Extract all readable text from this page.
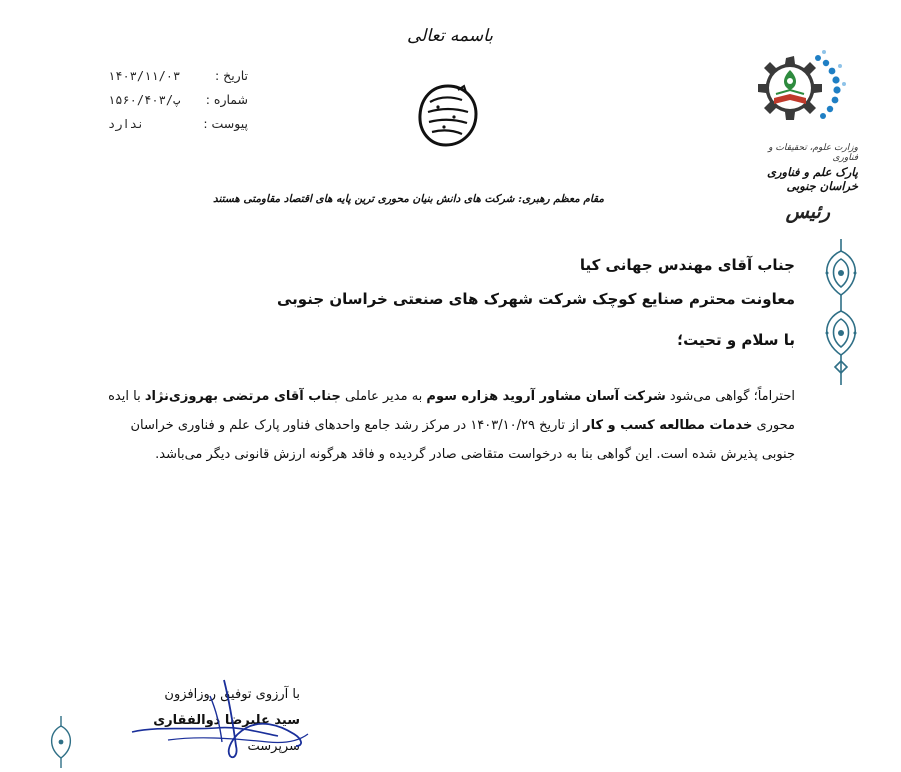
۱۴۰۳/۱۱/۰۳	تاریخ :
۱۵۶۰/پ/۴۰۳ شماره :
ندارد	پیوست :
باسمه تعالی
مقام معظم رهبری: شرکت های دانش بنیان محوری ترین پایه های اقتصاد مقاومتی هستند
وزارت علوم، تحقیقات و فناوری
پارک علم و فناوری خراسان جنوبی
رئیس
جناب آقای مهندس جهانی کیا
معاونت محترم صنایع کوچک شرکت شهرک های صنعتی خراسان جنوبی
با سلام و تحیت؛
احتراماً؛ گواهی می‌شود شرکت آسان مشاور آروید هزاره سوم به مدیر عاملی جناب آقای مرتضی بهروزی‌نژاد با ایده محوری خدمات مطالعه کسب و کار از تاریخ ۱۴۰۳/۱۰/۲۹ در مرکز رشد جامع واحدهای فناور پارک علم و فناوری خراسان جنوبی پذیرش شده است. این گواهی بنا به درخواست متقاضی صادر گردیده و فاقد هرگونه ارزش قانونی دیگر می‌باشد.
با آرزوی توفیق روزافزون
سید علیرضا ذوالفقاری
سرپرست
